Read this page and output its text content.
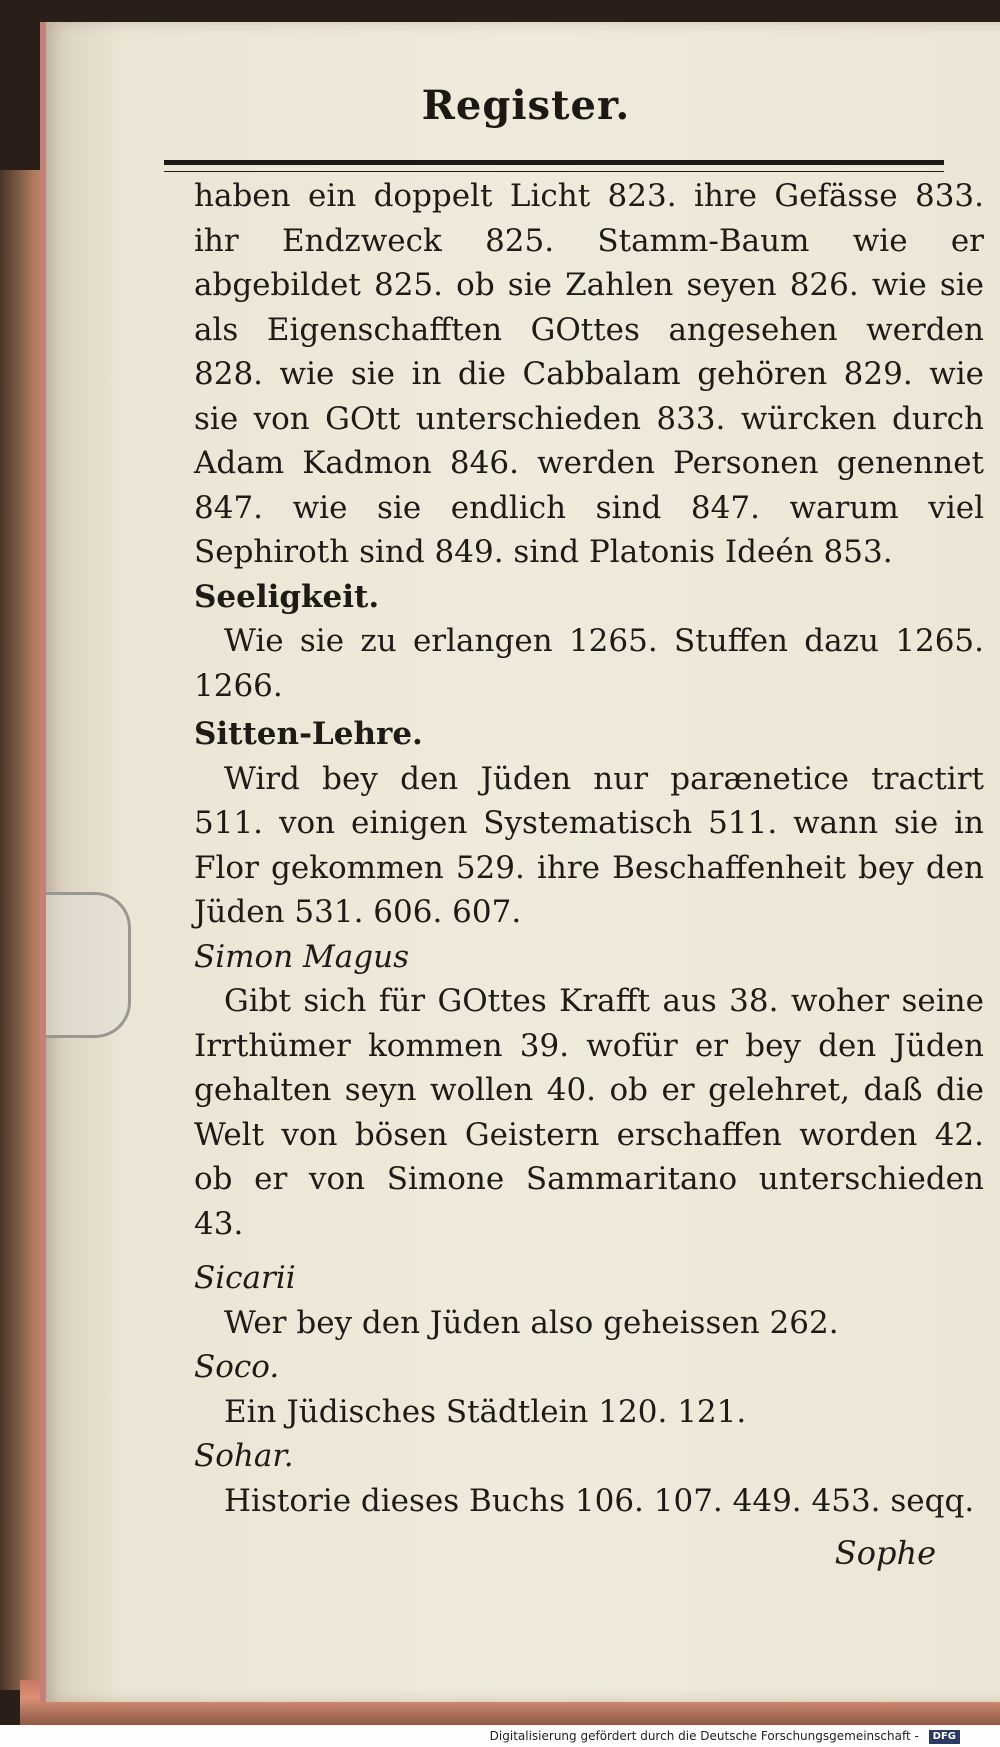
Register.

haben ein doppelt Licht 823. ihre Gefässe 833. ihr Endzweck 825. Stamm-Baum wie er abgebildet 825. ob sie Zahlen seyen 826. wie sie als Eigenschafften GOttes angesehen werden 828. wie sie in die Cabbalam gehören 829. wie sie von GOtt unterschieden 833. würcken durch Adam Kadmon 846. werden Personen genennet 847. wie sie endlich sind 847. warum viel Sephiroth sind 849. sind Platonis Ideén 853.

Seeligkeit.

Wie sie zu erlangen 1265. Stuffen dazu 1265. 1266.

Sitten-Lehre.

Wird bey den Jüden nur parænetice tractirt 511. von einigen Systematisch 511. wann sie in Flor gekommen 529. ihre Beschaffenheit bey den Jüden 531. 606. 607.

Simon Magus

Gibt sich für GOttes Krafft aus 38. woher seine Irrthümer kommen 39. wofür er bey den Jüden gehalten seyn wollen 40. ob er gelehret, daß die Welt von bösen Geistern erschaffen worden 42. ob er von Simone Sammaritano unterschieden 43.

Sicarii

Wer bey den Jüden also geheissen 262.

Soco.

Ein Jüdisches Städtlein 120. 121.

Sohar.

Historie dieses Buchs 106. 107. 449. 453. seqq.

Sophe
Digitalisierung gefördert durch die Deutsche Forschungsgemeinschaft - DFG
